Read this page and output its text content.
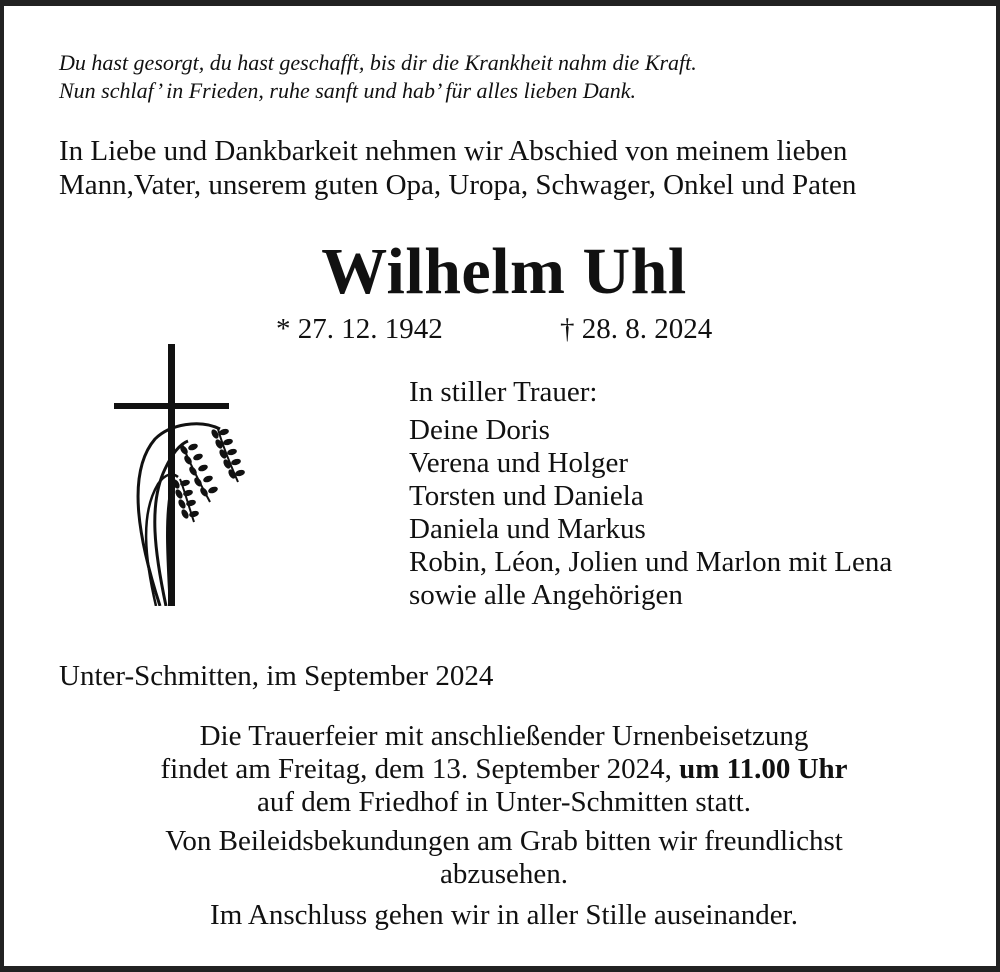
Du hast gesorgt, du hast geschafft, bis dir die Krankheit nahm die Kraft.
Nun schlaf’ in Frieden, ruhe sanft und hab’ für alles lieben Dank.
In Liebe und Dankbarkeit nehmen wir Abschied von meinem lieben
Mann,Vater, unserem guten Opa, Uropa, Schwager, Onkel und Paten
Wilhelm Uhl
* 27. 12. 1942	† 28. 8. 2024
In stiller Trauer:
Deine Doris
Verena und Holger
Torsten und Daniela
Daniela und Markus
Robin, Léon, Jolien und Marlon mit Lena
sowie alle Angehörigen
Unter-Schmitten, im September 2024
Die Trauerfeier mit anschließender Urnenbeisetzung
findet am Freitag, dem 13. September 2024, um 11.00 Uhr
auf dem Friedhof in Unter-Schmitten statt.
Von Beileidsbekundungen am Grab bitten wir freundlichst
abzusehen.
Im Anschluss gehen wir in aller Stille auseinander.
